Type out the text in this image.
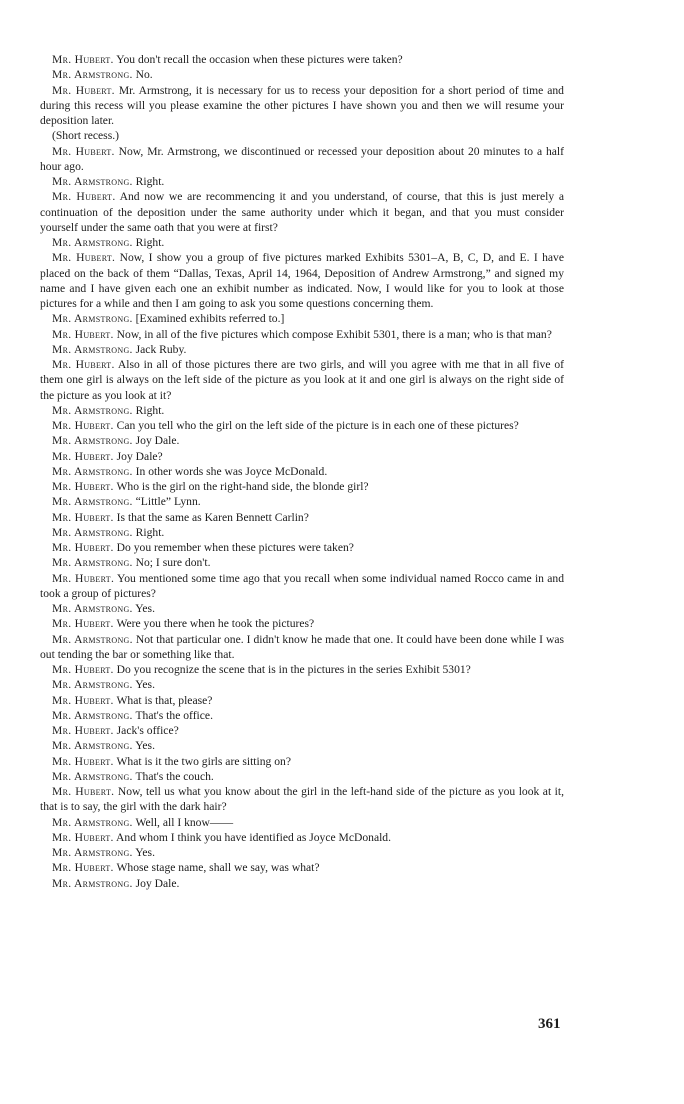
Mr. Hubert. You don't recall the occasion when these pictures were taken?

Mr. Armstrong. No.

Mr. Hubert. Mr. Armstrong, it is necessary for us to recess your deposition for a short period of time and during this recess will you please examine the other pictures I have shown you and then we will resume your deposition later.

(Short recess.)

Mr. Hubert. Now, Mr. Armstrong, we discontinued or recessed your deposition about 20 minutes to a half hour ago.

Mr. Armstrong. Right.

Mr. Hubert. And now we are recommencing it and you understand, of course, that this is just merely a continuation of the deposition under the same authority under which it began, and that you must consider yourself under the same oath that you were at first?

Mr. Armstrong. Right.

Mr. Hubert. Now, I show you a group of five pictures marked Exhibits 5301–A, B, C, D, and E. I have placed on the back of them “Dallas, Texas, April 14, 1964, Deposition of Andrew Armstrong,” and signed my name and I have given each one an exhibit number as indicated. Now, I would like for you to look at those pictures for a while and then I am going to ask you some questions concerning them.

Mr. Armstrong. [Examined exhibits referred to.]

Mr. Hubert. Now, in all of the five pictures which compose Exhibit 5301, there is a man; who is that man?

Mr. Armstrong. Jack Ruby.

Mr. Hubert. Also in all of those pictures there are two girls, and will you agree with me that in all five of them one girl is always on the left side of the picture as you look at it and one girl is always on the right side of the picture as you look at it?

Mr. Armstrong. Right.

Mr. Hubert. Can you tell who the girl on the left side of the picture is in each one of these pictures?

Mr. Armstrong. Joy Dale.

Mr. Hubert. Joy Dale?

Mr. Armstrong. In other words she was Joyce McDonald.

Mr. Hubert. Who is the girl on the right-hand side, the blonde girl?

Mr. Armstrong. “Little” Lynn.

Mr. Hubert. Is that the same as Karen Bennett Carlin?

Mr. Armstrong. Right.

Mr. Hubert. Do you remember when these pictures were taken?

Mr. Armstrong. No; I sure don't.

Mr. Hubert. You mentioned some time ago that you recall when some individual named Rocco came in and took a group of pictures?

Mr. Armstrong. Yes.

Mr. Hubert. Were you there when he took the pictures?

Mr. Armstrong. Not that particular one. I didn't know he made that one. It could have been done while I was out tending the bar or something like that.

Mr. Hubert. Do you recognize the scene that is in the pictures in the series Exhibit 5301?

Mr. Armstrong. Yes.

Mr. Hubert. What is that, please?

Mr. Armstrong. That's the office.

Mr. Hubert. Jack's office?

Mr. Armstrong. Yes.

Mr. Hubert. What is it the two girls are sitting on?

Mr. Armstrong. That's the couch.

Mr. Hubert. Now, tell us what you know about the girl in the left-hand side of the picture as you look at it, that is to say, the girl with the dark hair?

Mr. Armstrong. Well, all I know——

Mr. Hubert. And whom I think you have identified as Joyce McDonald.

Mr. Armstrong. Yes.

Mr. Hubert. Whose stage name, shall we say, was what?

Mr. Armstrong. Joy Dale.

361
